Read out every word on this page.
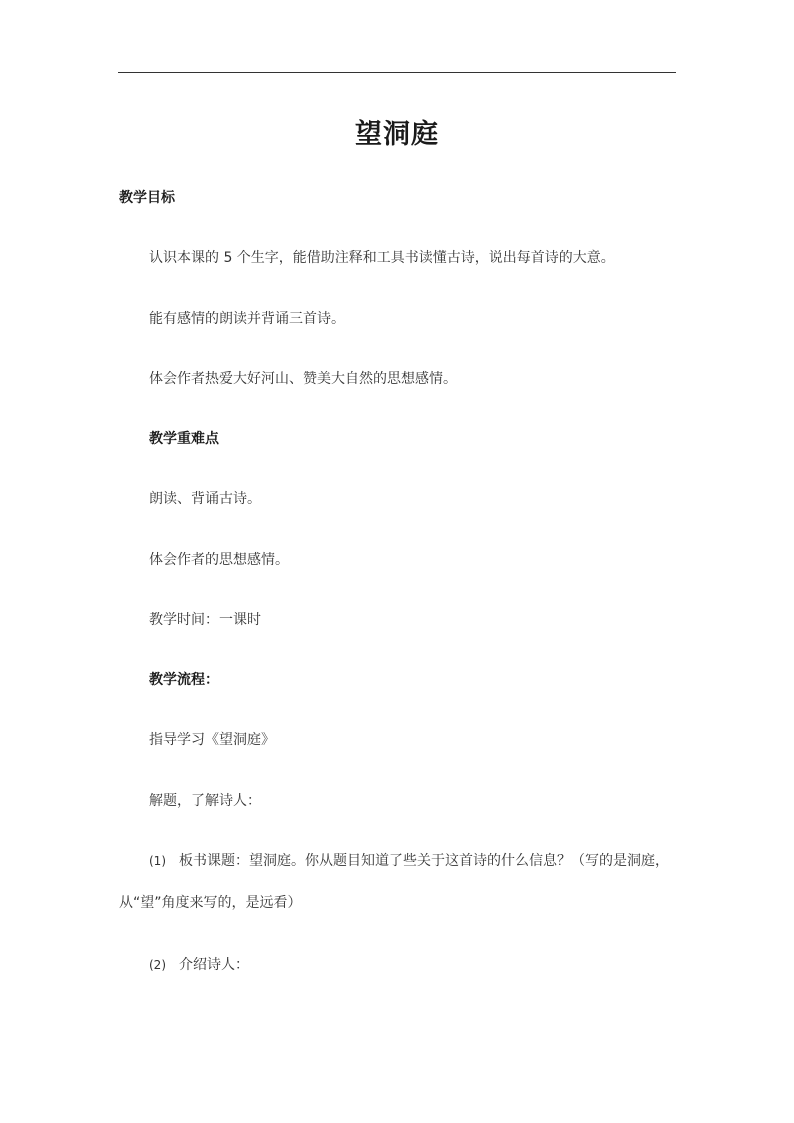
望洞庭
教学目标
认识本课的 5 个生字，能借助注释和工具书读懂古诗，说出每首诗的大意。
能有感情的朗读并背诵三首诗。
体会作者热爱大好河山、赞美大自然的思想感情。
教学重难点
朗读、背诵古诗。
体会作者的思想感情。
教学时间：一课时
教学流程：
指导学习《望洞庭》
解题，了解诗人：
(1) 板书课题：望洞庭。你从题目知道了些关于这首诗的什么信息？（写的是洞庭，
从“望”角度来写的，是远看）
(2) 介绍诗人：
